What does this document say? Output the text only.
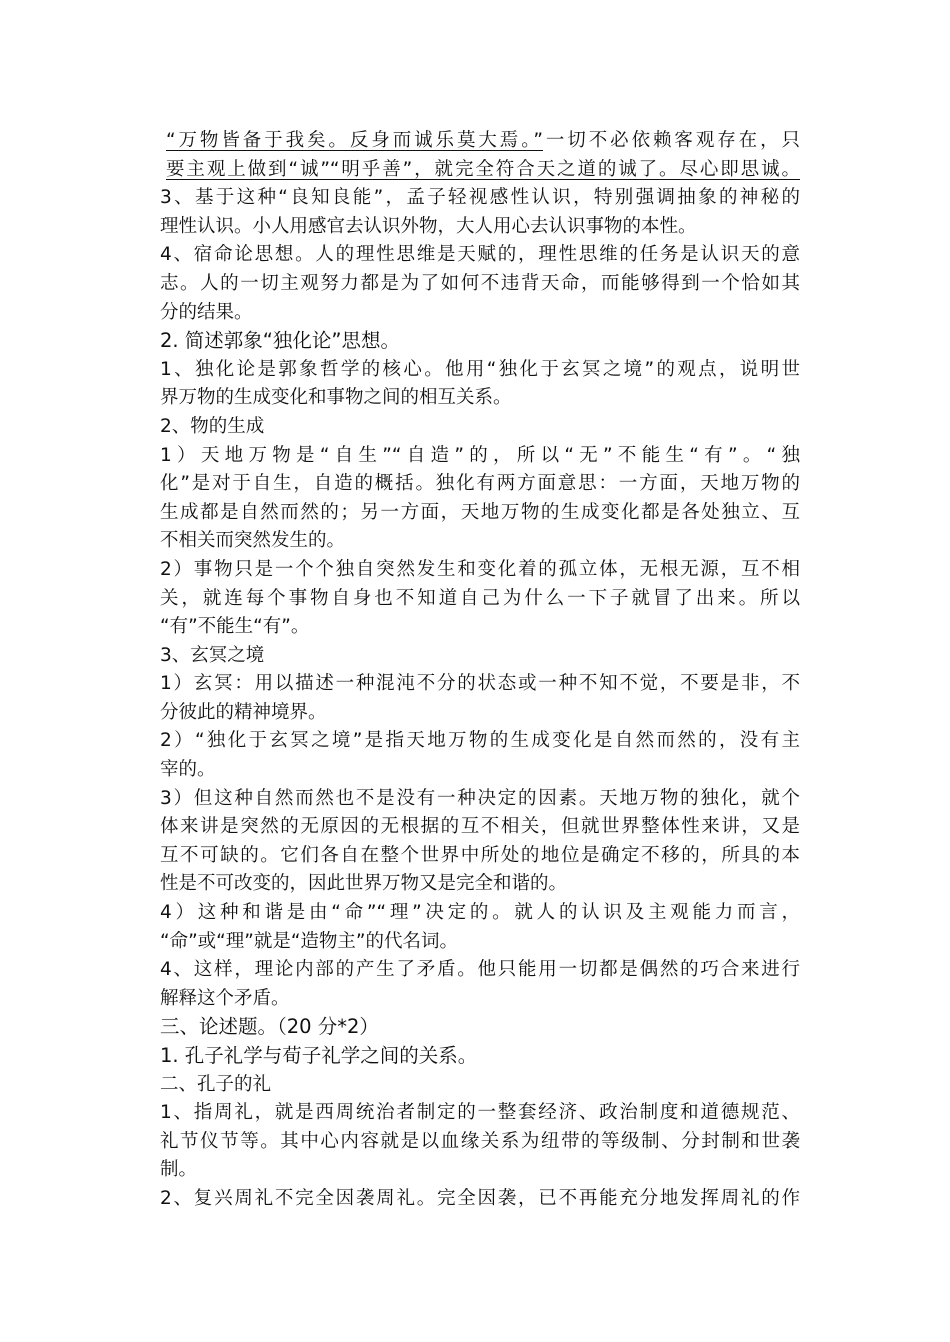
“万物皆备于我矣。反身而诚乐莫大焉。”一切不必依赖客观存在，只
要主观上做到“诚”“明乎善”，就完全符合天之道的诚了。尽心即思诚。
3、基于这种“良知良能”，孟子轻视感性认识，特别强调抽象的神秘的
理性认识。小人用感官去认识外物，大人用心去认识事物的本性。
4、宿命论思想。人的理性思维是天赋的，理性思维的任务是认识天的意
志。人的一切主观努力都是为了如何不违背天命，而能够得到一个恰如其
分的结果。
2. 简述郭象“独化论”思想。
1、独化论是郭象哲学的核心。他用“独化于玄冥之境”的观点，说明世
界万物的生成变化和事物之间的相互关系。
2、物的生成
1）天地万物是“自生”“自造”的，所以“无”不能生“有”。“独
化”是对于自生，自造的概括。独化有两方面意思：一方面，天地万物的
生成都是自然而然的；另一方面，天地万物的生成变化都是各处独立、互
不相关而突然发生的。
2）事物只是一个个独自突然发生和变化着的孤立体，无根无源，互不相
关，就连每个事物自身也不知道自己为什么一下子就冒了出来。所以
“有”不能生“有”。
3、玄冥之境
1）玄冥：用以描述一种混沌不分的状态或一种不知不觉，不要是非，不
分彼此的精神境界。
2）“独化于玄冥之境”是指天地万物的生成变化是自然而然的，没有主
宰的。
3）但这种自然而然也不是没有一种决定的因素。天地万物的独化，就个
体来讲是突然的无原因的无根据的互不相关，但就世界整体性来讲，又是
互不可缺的。它们各自在整个世界中所处的地位是确定不移的，所具的本
性是不可改变的，因此世界万物又是完全和谐的。
4）这种和谐是由“命”“理”决定的。就人的认识及主观能力而言，
“命”或“理”就是“造物主”的代名词。
4、这样，理论内部的产生了矛盾。他只能用一切都是偶然的巧合来进行
解释这个矛盾。
三、论述题。（20 分*2）
1. 孔子礼学与荀子礼学之间的关系。
二、孔子的礼
1、指周礼，就是西周统治者制定的一整套经济、政治制度和道德规范、
礼节仪节等。其中心内容就是以血缘关系为纽带的等级制、分封制和世袭
制。
2、复兴周礼不完全因袭周礼。完全因袭，已不再能充分地发挥周礼的作
